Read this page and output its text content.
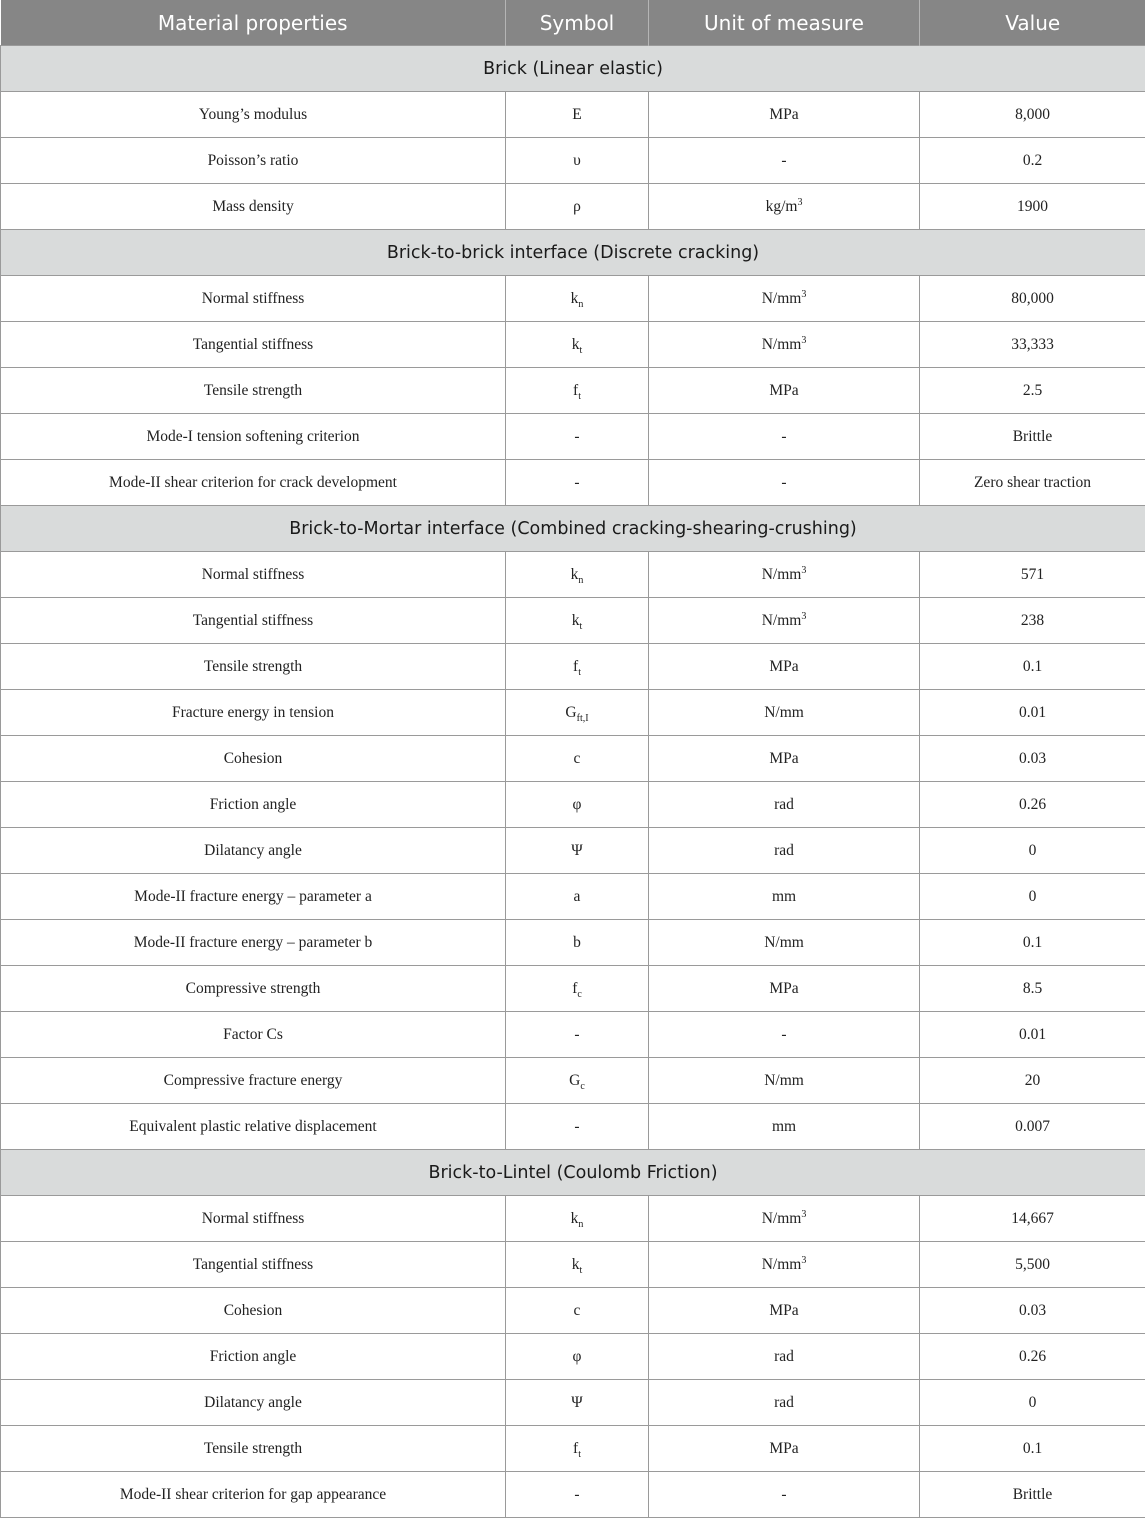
Material properties	Symbol	Unit of measure	Value
Brick (Linear elastic)			
Young’s modulus	E	MPa	8,000
Poisson’s ratio	υ	-	0.2
Mass density	ρ	$kg/m^3$	1900
Brick-to-brick interface (Discrete cracking)			
Normal stiffness	$k_n$	$N/mm^3$	80,000
Tangential stiffness	$k_t$	$N/mm^3$	33,333
Tensile strength	$f_t$	MPa	2.5
Mode-I tension softening criterion	-	-	Brittle
Mode-II shear criterion for crack development	-	-	Zero shear traction
Brick-to-Mortar interface (Combined cracking-shearing-crushing)			
Normal stiffness	$k_n$	$N/mm^3$	571
Tangential stiffness	$k_t$	$N/mm^3$	238
Tensile strength	$f_t$	MPa	0.1
Fracture energy in tension	$G_{ft,I}$	N/mm	0.01
Cohesion	c	MPa	0.03
Friction angle	φ	rad	0.26
Dilatancy angle	Ψ	rad	0
Mode-II fracture energy – parameter a	a	mm	0
Mode-II fracture energy – parameter b	b	N/mm	0.1
Compressive strength	$f_c$	MPa	8.5
Factor Cs	-	-	0.01
Compressive fracture energy	$G_c$	N/mm	20
Equivalent plastic relative displacement	-	mm	0.007
Brick-to-Lintel (Coulomb Friction)			
Normal stiffness	$k_n$	$N/mm^3$	14,667
Tangential stiffness	$k_t$	$N/mm^3$	5,500
Cohesion	c	MPa	0.03
Friction angle	φ	rad	0.26
Dilatancy angle	Ψ	rad	0
Tensile strength	$f_t$	MPa	0.1
Mode-II shear criterion for gap appearance	-	-	Brittle
